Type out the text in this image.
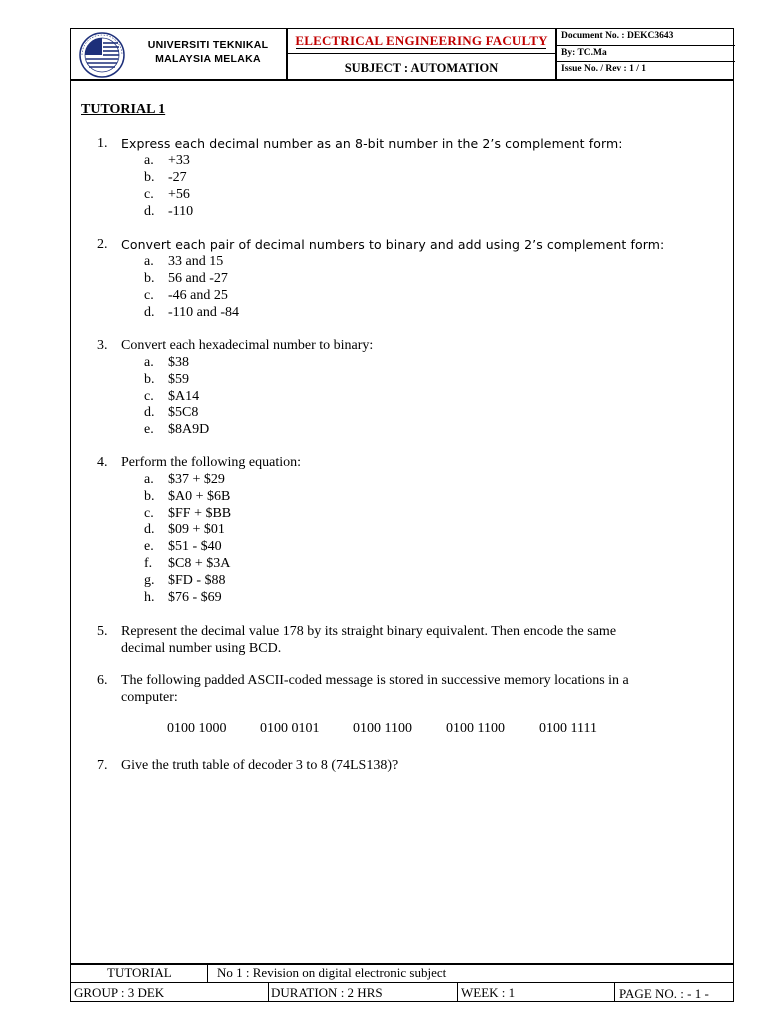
UNIVERSITI TEKNIKAL
MALAYSIA MELAKA
ELECTRICAL ENGINEERING FACULTY
SUBJECT : AUTOMATION
Document No. : DEKC3643
By: TC.Ma
Issue No. / Rev : 1 / 1
TUTORIAL 1
1. Express each decimal number as an 8-bit number in the 2’s complement form:
a. +33
b. -27
c. +56
d. -110
2. Convert each pair of decimal numbers to binary and add using 2’s complement form:
a. 33 and 15
b. 56 and -27
c. -46 and 25
d. -110 and -84
3. Convert each hexadecimal number to binary:
a. $38
b. $59
c. $A14
d. $5C8
e. $8A9D
4. Perform the following equation:
a. $37 + $29
b. $A0 + $6B
c. $FF + $BB
d. $09 + $01
e. $51 - $40
f. $C8 + $3A
g. $FD - $88
h. $76 - $69
5. Represent the decimal value 178 by its straight binary equivalent. Then encode the same
decimal number using BCD.
6. The following padded ASCII-coded message is stored in successive memory locations in a
computer:
0100 1000 0100 0101 0100 1100 0100 1100 0100 1111
7. Give the truth table of decoder 3 to 8 (74LS138)?
TUTORIAL	No 1 : Revision on digital electronic subject
GROUP : 3 DEK	DURATION : 2 HRS	WEEK : 1	PAGE NO. : - 1 -
